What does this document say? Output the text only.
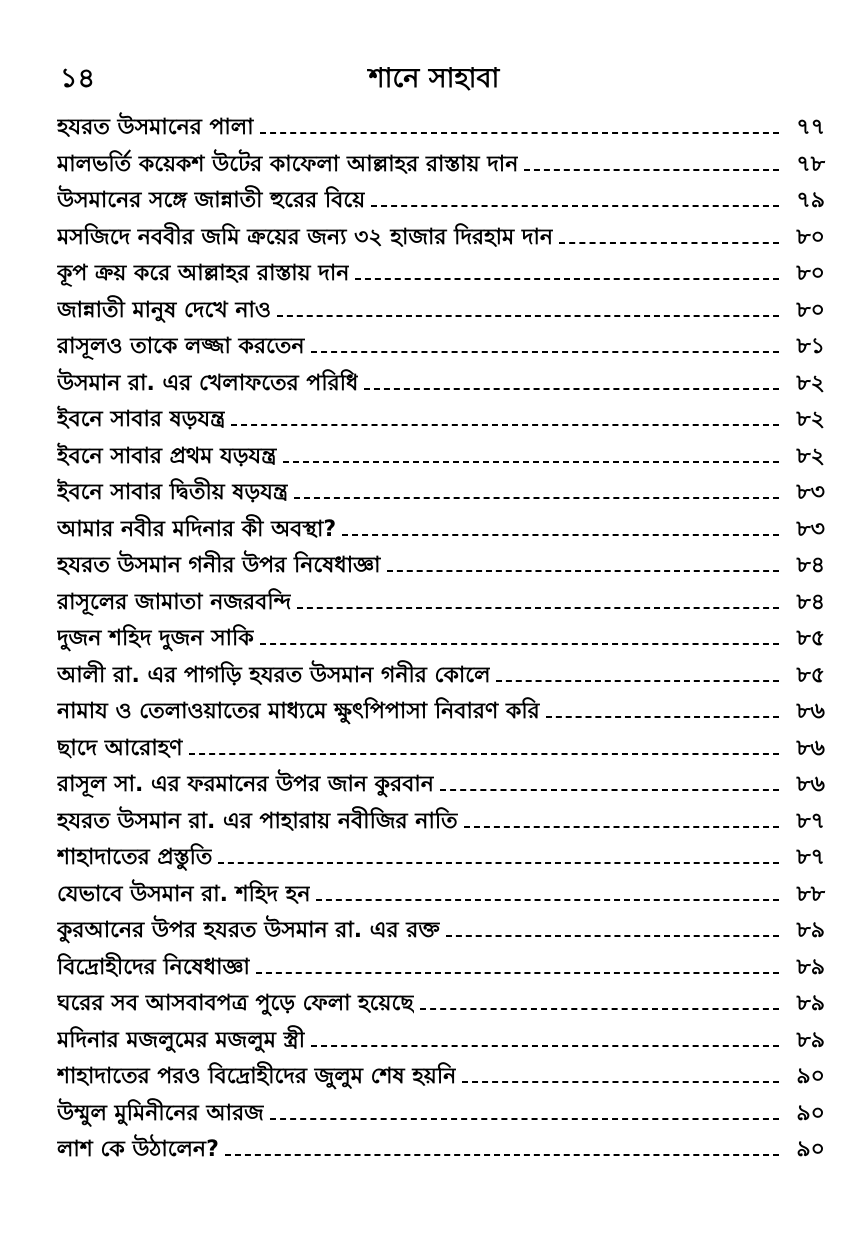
১৪	শানে সাহাবা
হযরত উসমানের পালা	৭৭
মালভর্তি কয়েকশ উটের কাফেলা আল্লাহর রাস্তায় দান	৭৮
উসমানের সঙ্গে জান্নাতী হুরের বিয়ে	৭৯
মসজিদে নববীর জমি ক্রয়ের জন্য ৩২ হাজার দিরহাম দান	৮০
কূপ ক্রয় করে আল্লাহর রাস্তায় দান	৮০
জান্নাতী মানুষ দেখে নাও	৮০
রাসূলও তাকে লজ্জা করতেন	৮১
উসমান রা. এর খেলাফতের পরিধি	৮২
ইবনে সাবার ষড়যন্ত্র	৮২
ইবনে সাবার প্রথম যড়যন্ত্র	৮২
ইবনে সাবার দ্বিতীয় ষড়যন্ত্র	৮৩
আমার নবীর মদিনার কী অবস্থা?	৮৩
হযরত উসমান গনীর উপর নিষেধাজ্ঞা	৮৪
রাসূলের জামাতা নজরবন্দি	৮৪
দুজন শহিদ দুজন সাকি	৮৫
আলী রা. এর পাগড়ি হযরত উসমান গনীর কোলে	৮৫
নামায ও তেলাওয়াতের মাধ্যমে ক্ষুৎপিপাসা নিবারণ করি	৮৬
ছাদে আরোহণ	৮৬
রাসূল সা. এর ফরমানের উপর জান কুরবান	৮৬
হযরত উসমান রা. এর পাহারায় নবীজির নাতি	৮৭
শাহাদাতের প্রস্তুতি	৮৭
যেভাবে উসমান রা. শহিদ হন	৮৮
কুরআনের উপর হযরত উসমান রা. এর রক্ত	৮৯
বিদ্রোহীদের নিষেধাজ্ঞা	৮৯
ঘরের সব আসবাবপত্র পুড়ে ফেলা হয়েছে	৮৯
মদিনার মজলুমের মজলুম স্ত্রী	৮৯
শাহাদাতের পরও বিদ্রোহীদের জুলুম শেষ হয়নি	৯০
উম্মুল মুমিনীনের আরজ	৯০
লাশ কে উঠালেন?	৯০
